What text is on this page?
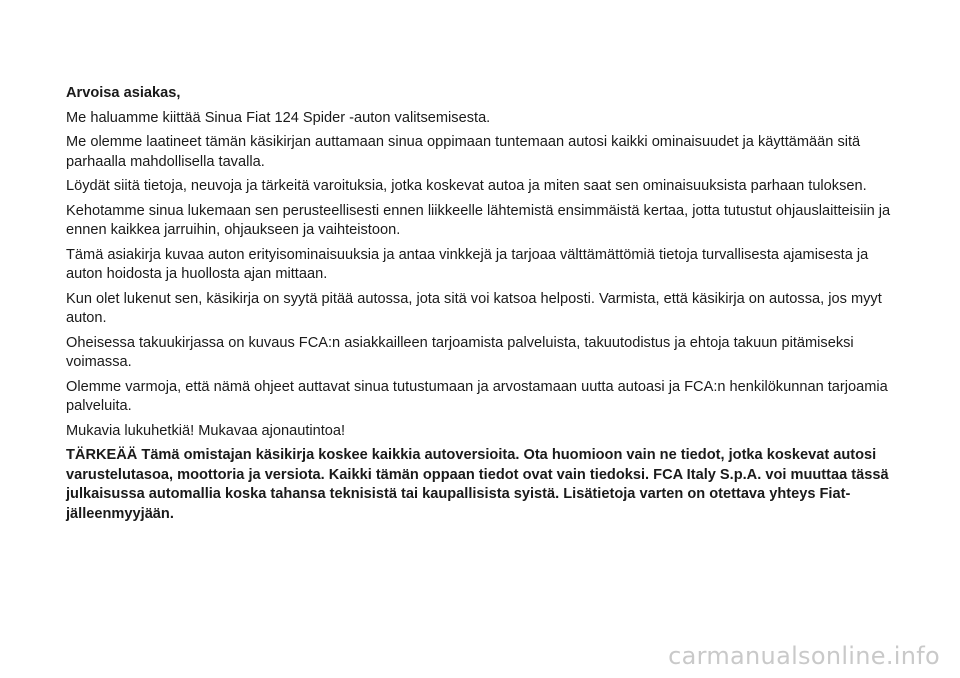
Arvoisa asiakas,

Me haluamme kiittää Sinua Fiat 124 Spider -auton valitsemisesta.

Me olemme laatineet tämän käsikirjan auttamaan sinua oppimaan tuntemaan autosi kaikki ominaisuudet ja käyttämään sitä parhaalla mahdollisella tavalla.

Löydät siitä tietoja, neuvoja ja tärkeitä varoituksia, jotka koskevat autoa ja miten saat sen ominaisuuksista parhaan tuloksen.

Kehotamme sinua lukemaan sen perusteellisesti ennen liikkeelle lähtemistä ensimmäistä kertaa, jotta tutustut ohjauslaitteisiin ja ennen kaikkea jarruihin, ohjaukseen ja vaihteistoon.

Tämä asiakirja kuvaa auton erityisominaisuuksia ja antaa vinkkejä ja tarjoaa välttämättömiä tietoja turvallisesta ajamisesta ja auton hoidosta ja huollosta ajan mittaan.

Kun olet lukenut sen, käsikirja on syytä pitää autossa, jota sitä voi katsoa helposti. Varmista, että käsikirja on autossa, jos myyt auton.

Oheisessa takuukirjassa on kuvaus FCA:n asiakkailleen tarjoamista palveluista, takuutodistus ja ehtoja takuun pitämiseksi voimassa.

Olemme varmoja, että nämä ohjeet auttavat sinua tutustumaan ja arvostamaan uutta autoasi ja FCA:n henkilökunnan tarjoamia palveluita.

Mukavia lukuhetkiä! Mukavaa ajonautintoa!

TÄRKEÄÄ Tämä omistajan käsikirja koskee kaikkia autoversioita. Ota huomioon vain ne tiedot, jotka koskevat autosi varustelutasoa, moottoria ja versiota. Kaikki tämän oppaan tiedot ovat vain tiedoksi. FCA Italy S.p.A. voi muuttaa tässä julkaisussa automallia koska tahansa teknisistä tai kaupallisista syistä. Lisätietoja varten on otettava yhteys Fiat-jälleenmyyjään.

carmanualsonline.info
